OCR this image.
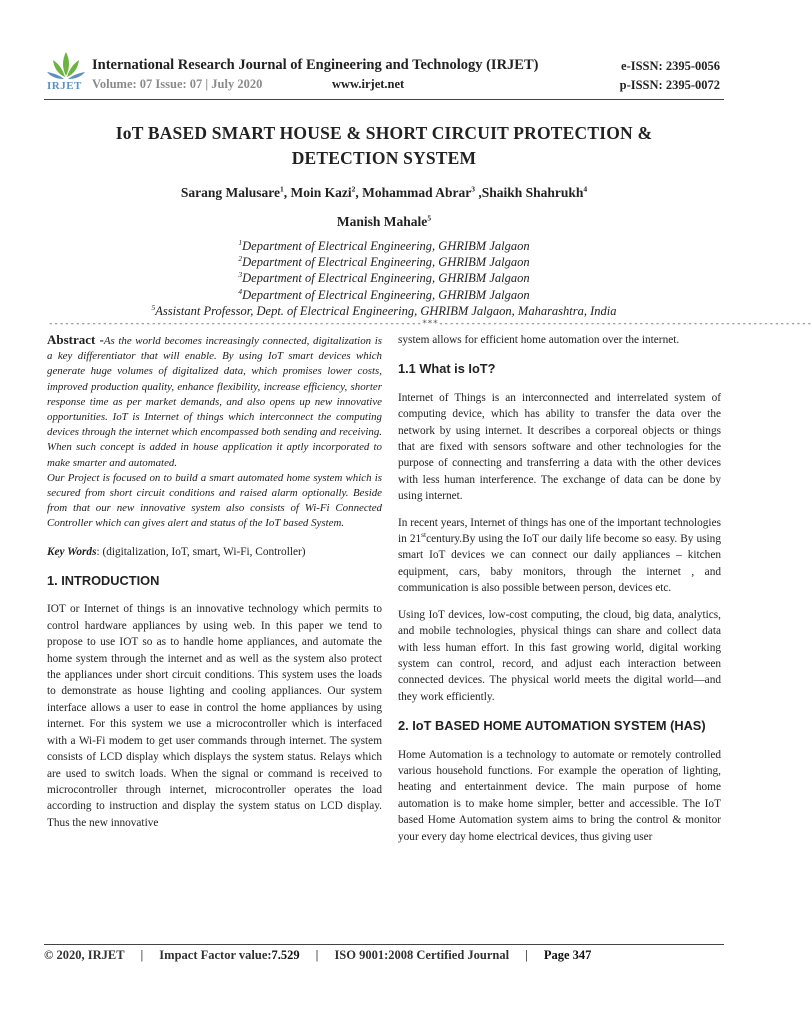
IRJET
International Research Journal of Engineering and Technology (IRJET)
Volume: 07 Issue: 07 | July 2020	www.irjet.net
e-ISSN: 2395-0056
p-ISSN: 2395-0072
IoT BASED SMART HOUSE & SHORT CIRCUIT PROTECTION &
DETECTION SYSTEM
Sarang Malusare$^1$, Moin Kazi$^2$, Mohammad Abrar$^3$ ,Shaikh Shahrukh$^4$
Manish Mahale$^5$
$^1$Department of Electrical Engineering, GHRIBM Jalgaon
$^2$Department of Electrical Engineering, GHRIBM Jalgaon
$^3$Department of Electrical Engineering, GHRIBM Jalgaon
$^4$Department of Electrical Engineering, GHRIBM Jalgaon
$^5$Assistant Professor, Dept. of Electrical Engineering, GHRIBM Jalgaon, Maharashtra, India
---------------------------------------------------------------------***---------------------------------------------------------------------

Abstract -As the world becomes increasingly connected, digitalization is a key differentiator that will enable. By using IoT smart devices which generate huge volumes of digitalized data, which promises lower costs, improved production quality, enhance flexibility, increase efficiency, shorter response time as per market demands, and also opens up new innovative opportunities. IoT is Internet of things which interconnect the computing devices through the internet which encompassed both sending and receiving. When such concept is added in house application it aptly incorporated to make smarter and automated.

Our Project is focused on to build a smart automated home system which is secured from short circuit conditions and raised alarm optionally. Beside from that our new innovative system also consists of Wi-Fi Connected Controller which can gives alert and status of the IoT based System.

Key Words: (digitalization, IoT, smart, Wi-Fi, Controller)

1. INTRODUCTION

IOT or Internet of things is an innovative technology which permits to control hardware appliances by using web. In this paper we tend to propose to use IOT so as to handle home appliances, and automate the home system through the internet and as well as the system also protect the appliances under short circuit conditions. This system uses the loads to demonstrate as house lighting and cooling appliances. Our system interface allows a user to ease in control the home appliances by using internet. For this system we use a microcontroller which is interfaced with a Wi-Fi modem to get user commands through internet. The system consists of LCD display which displays the system status. Relays which are used to switch loads. When the signal or command is received to microcontroller through internet, microcontroller operates the load according to instruction and display the system status on LCD display. Thus the new innovative

system allows for efficient home automation over the internet.

1.1 What is IoT?

Internet of Things is an interconnected and interrelated system of computing device, which has ability to transfer the data over the network by using internet. It describes a corporeal objects or things that are fixed with sensors software and other technologies for the purpose of connecting and transferring a data with the other devices with less human interference. The exchange of data can be done by using internet.

In recent years, Internet of things has one of the important technologies in 21stcentury.By using the IoT our daily life become so easy. By using smart IoT devices we can connect our daily appliances – kitchen equipment, cars, baby monitors, through the internet , and communication is also possible between person, devices etc.

Using IoT devices, low-cost computing, the cloud, big data, analytics, and mobile technologies, physical things can share and collect data with less human effort. In this fast growing world, digital working system can control, record, and adjust each interaction between connected devices. The physical world meets the digital world—and they work efficiently.

2. IoT BASED HOME AUTOMATION SYSTEM (HAS)

Home Automation is a technology to automate or remotely controlled various household functions. For example the operation of lighting, heating and entertainment device. The main purpose of home automation is to make home simpler, better and accessible. The IoT based Home Automation system aims to bring the control & monitor your every day home electrical devices, thus giving user

© 2020, IRJET | Impact Factor value: 7.529 | ISO 9001:2008 Certified Journal | Page 347
